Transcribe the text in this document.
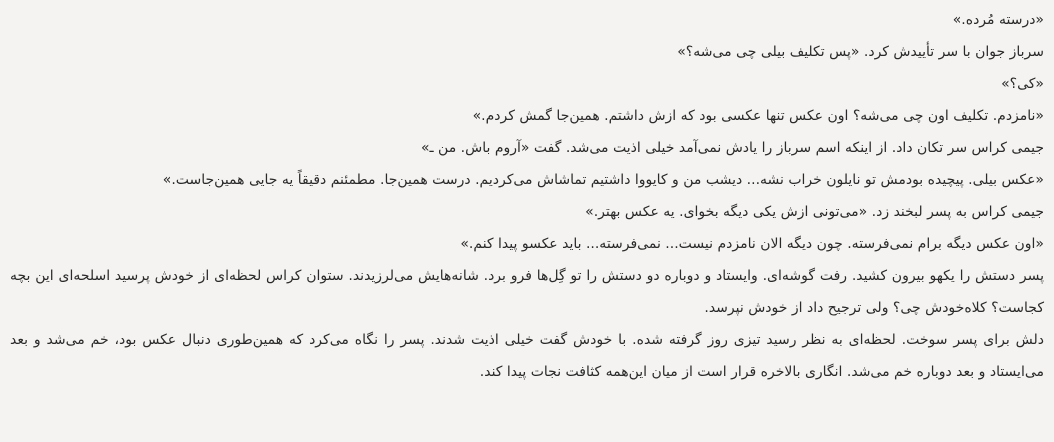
«درسته مُرده.»

سرباز جوان با سر تأییدش کرد. «پس تکلیف بیلی چی می‌شه؟»

«کی؟»

«نامزدم. تکلیف اون چی می‌شه؟ اون عکس تنها عکسی بود که ازش داشتم. همین‌جا گمش کردم.»

جیمی کراس سر تکان داد. از اینکه اسم سرباز را یادش نمی‌آمد خیلی اذیت می‌شد. گفت «آروم باش. من ـ»

«عکس بیلی. پیچیده بودمش تو نایلون خراب نشه... دیشب من و کایووا داشتیم تماشاش می‌کردیم. درست همین‌جا. مطمئنم دقیقاً یه جایی همین‌جاست.»

جیمی کراس به پسر لبخند زد. «می‌تونی ازش یکی دیگه بخوای. یه عکس بهتر.»

«اون عکس دیگه برام نمی‌فرسته. چون دیگه الان نامزدم نیست... نمی‌فرسته... باید عکسو پیدا کنم.»

پسر دستش را یکهو بیرون کشید. رفت گوشه‌ای. وایستاد و دوباره دو دستش را تو گِل‌ها فرو برد. شانه‌هایش می‌لرزیدند. ستوان کراس لحظه‌ای از خودش پرسید اسلحه‌ای این بچه کجاست؟ کلاه‌خودش چی؟ ولی ترجیح داد از خودش نپرسد.

دلش برای پسر سوخت. لحظه‌ای به نظر رسید تیزی روز گرفته شده. با خودش گفت خیلی اذیت شدند. پسر را نگاه می‌کرد که همین‌طوری دنبال عکس بود، خم می‌شد و بعد می‌ایستاد و بعد دوباره خم می‌شد. انگاری بالاخره قرار است از میان این‌همه کثافت نجات پیدا کند.
